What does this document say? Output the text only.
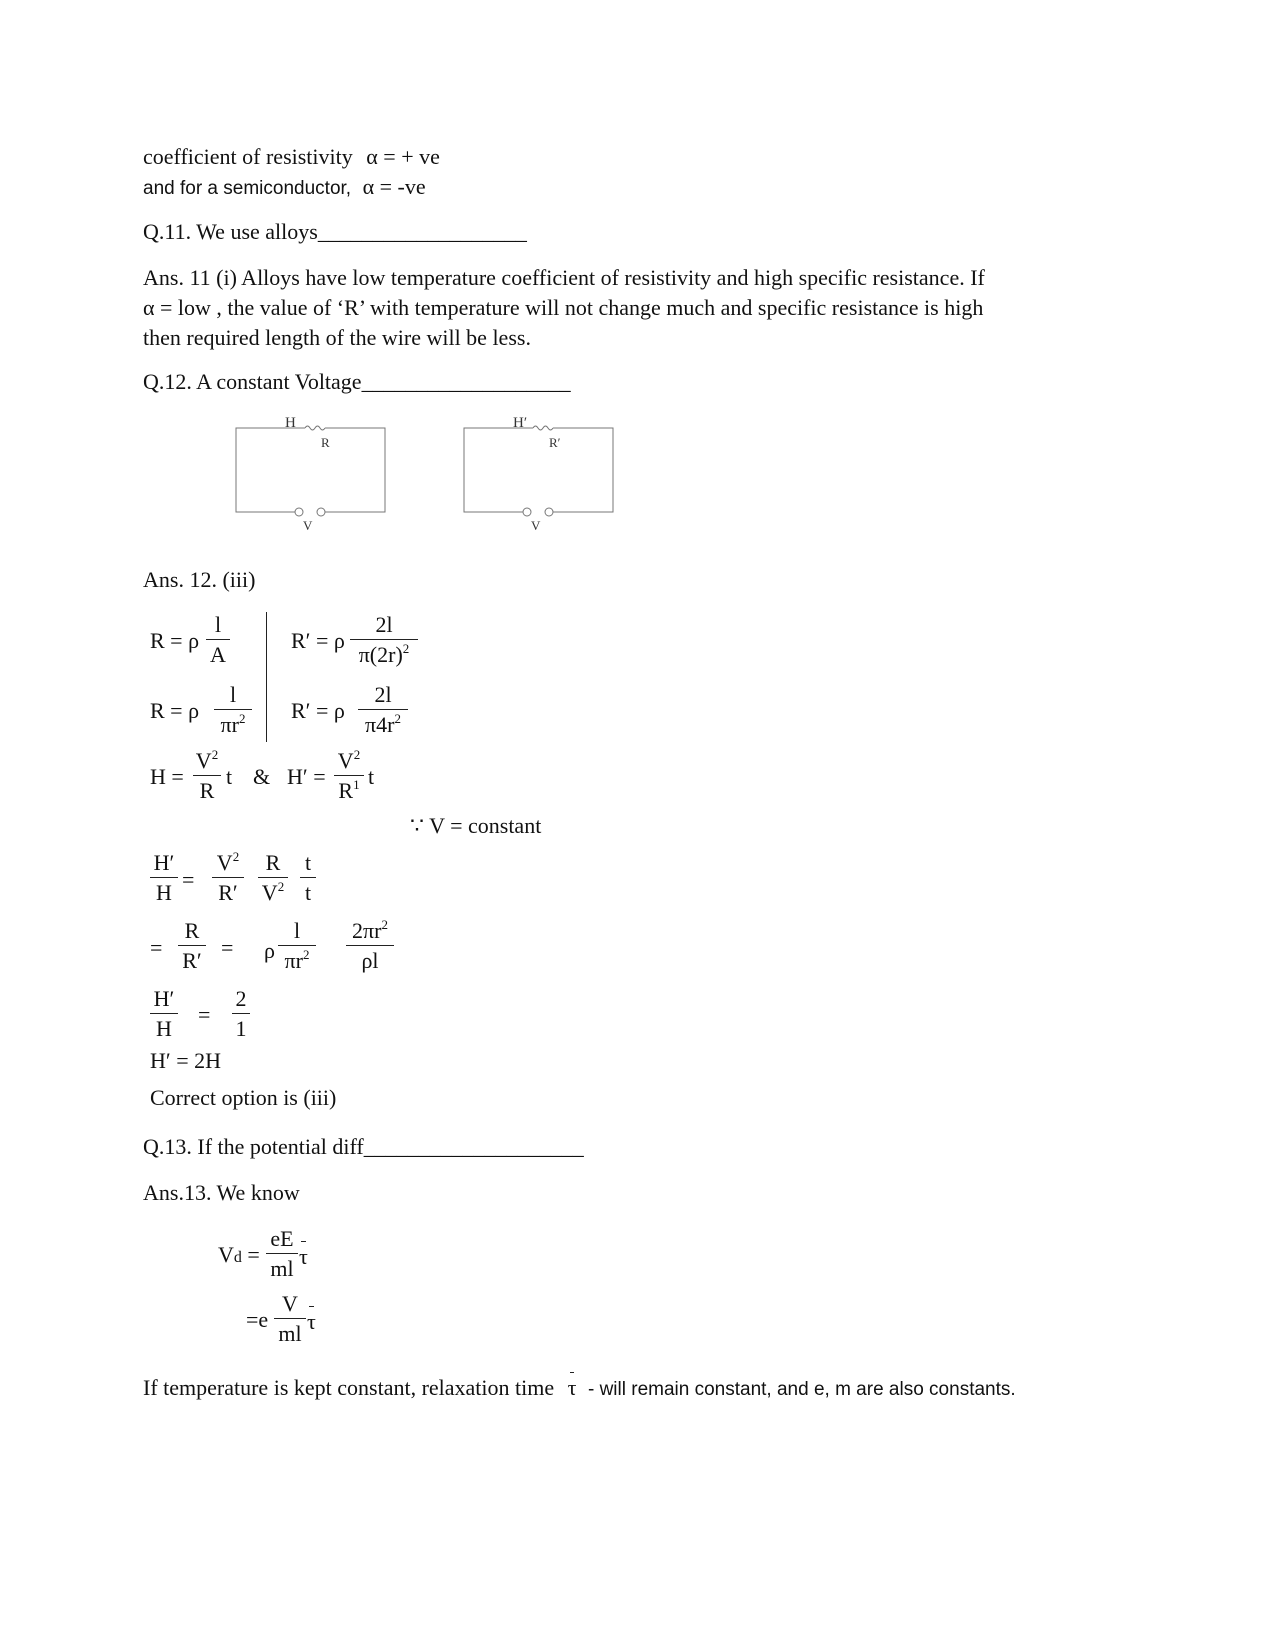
coefficient of resistivity α = + ve
and for a semiconductor, α = -ve
Q.11. We use alloys___________________
Ans. 11 (i) Alloys have low temperature coefficient of resistivity and high specific resistance. If
α = low , the value of ‘R’ with temperature will not change much and specific resistance is high
then required length of the wire will be less.
Q.12. A constant Voltage___________________
H
R
V
H′
R′
V
Ans. 12. (iii)
R = ρ
l
A
R′ = ρ
2l
$\pi(2r)^2$
R = ρ
l
$\pi r^2$ R′ = ρ
2l
$\pi 4r^2$
H =
$V^2$
R
t & H′ =
$V^2$
$R^1$ t
∵ V = constant
H′
H
=
$V^2$
R′
R
$V^2$
t
t
=
R
R′
= ρ
l
$\pi r^2$
$2\pi r^2$
ρl
H′
H
=
2
1
H′ = 2H
Correct option is (iii)
Q.13. If the potential diff____________________
Ans.13. We know
Vd =
eE
ml τ
=e
V
ml τ
If temperature is kept constant, relaxation time τ - will remain constant, and e, m are also constants.
